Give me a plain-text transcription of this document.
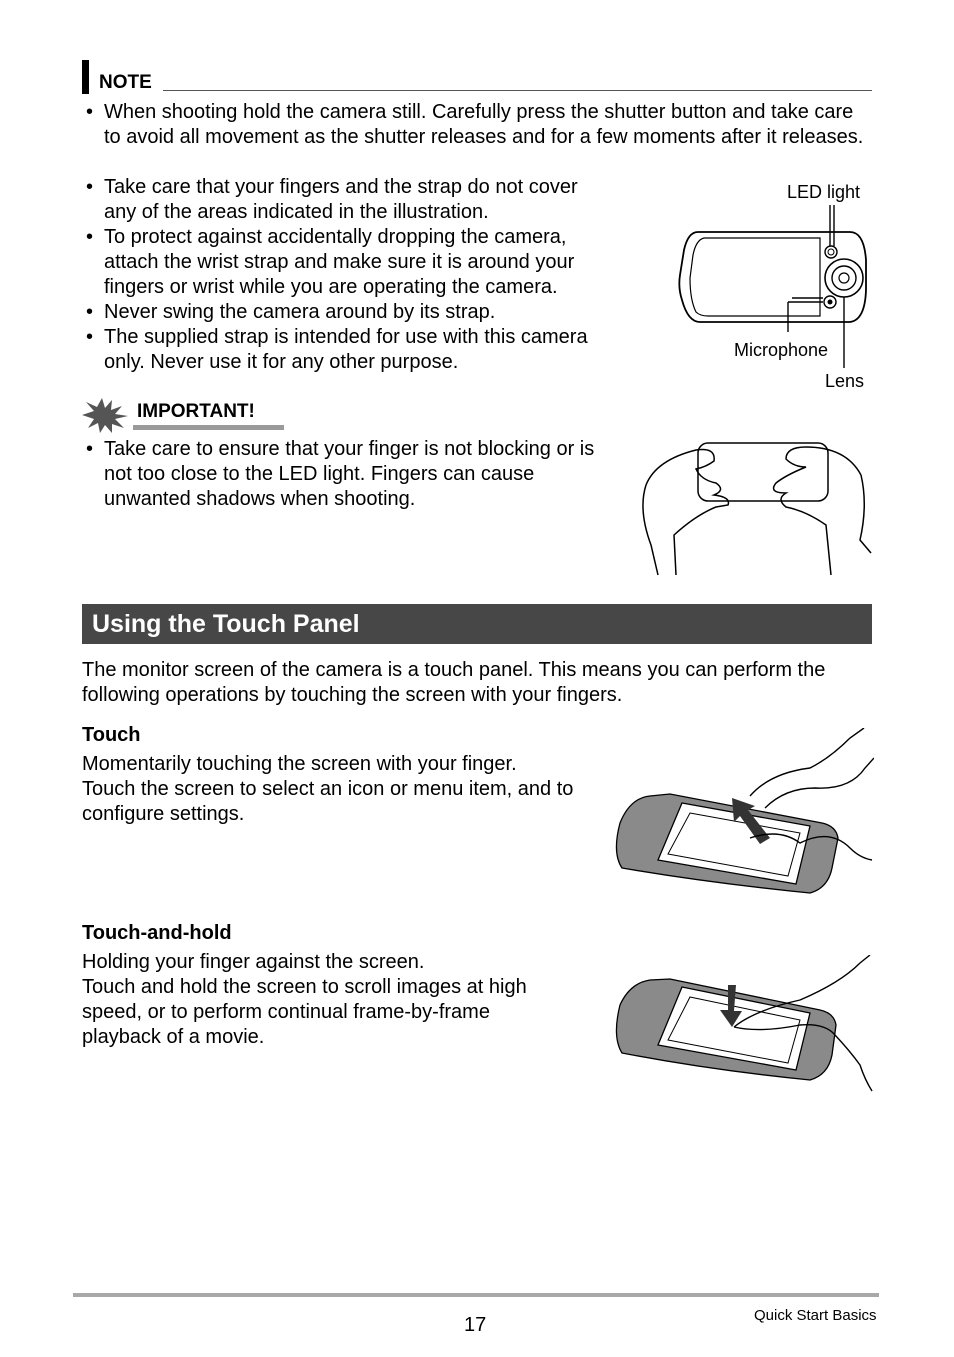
NOTE
• When shooting hold the camera still. Carefully press the shutter button and take care to avoid all movement as the shutter releases and for a few moments after it releases.
• Take care that your fingers and the strap do not cover any of the areas indicated in the illustration.
• To protect against accidentally dropping the camera, attach the wrist strap and make sure it is around your fingers or wrist while you are operating the camera.
• Never swing the camera around by its strap.
• The supplied strap is intended for use with this camera only. Never use it for any other purpose.
LED light
Microphone
Lens
IMPORTANT!
• Take care to ensure that your finger is not blocking or is not too close to the LED light. Fingers can cause unwanted shadows when shooting.
Using the Touch Panel
The monitor screen of the camera is a touch panel. This means you can perform the following operations by touching the screen with your fingers.
Touch
Momentarily touching the screen with your finger.
Touch the screen to select an icon or menu item, and to configure settings.
Touch-and-hold
Holding your finger against the screen.
Touch and hold the screen to scroll images at high speed, or to perform continual frame-by-frame playback of a movie.
17	Quick Start Basics
